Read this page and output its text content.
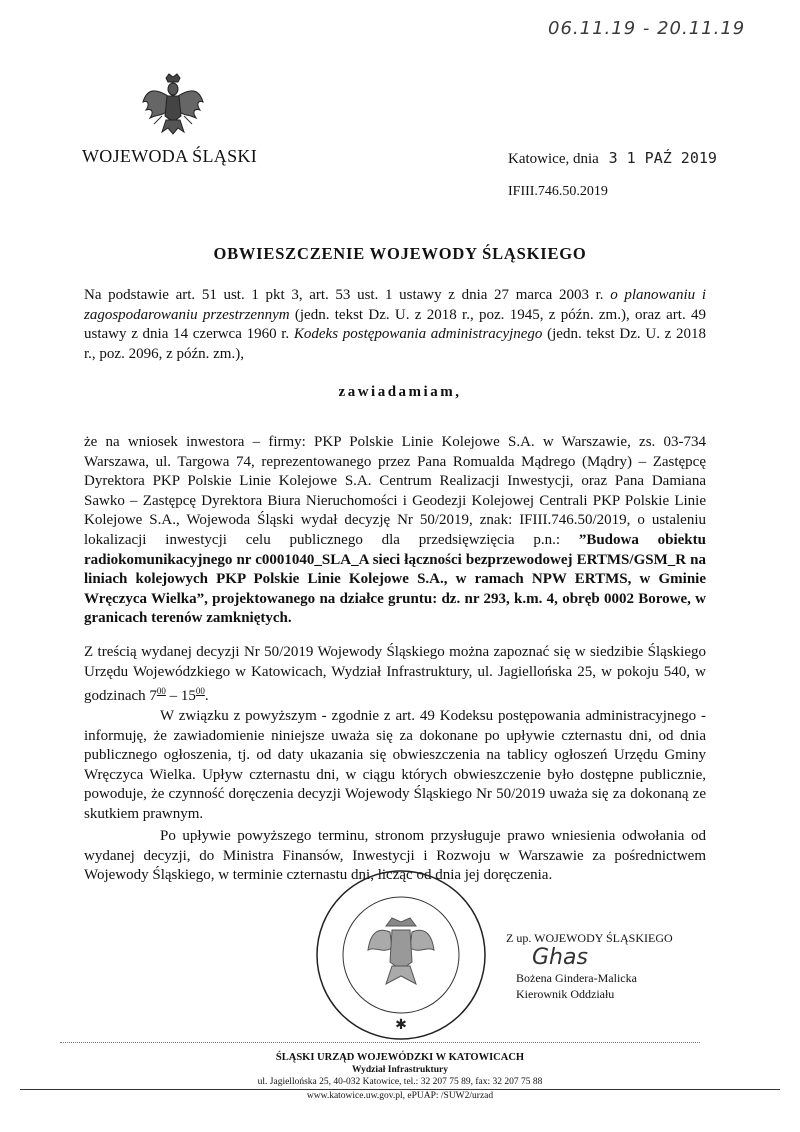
06.11.19 - 20.11.19
WOJEWODA ŚLĄSKI	Katowice, dnia 3 1 PAŹ 2019
IFIII.746.50.2019
OBWIESZCZENIE WOJEWODY ŚLĄSKIEGO
Na podstawie art. 51 ust. 1 pkt 3, art. 53 ust. 1 ustawy z dnia 27 marca 2003 r. o planowaniu i zagospodarowaniu przestrzennym (jedn. tekst Dz. U. z 2018 r., poz. 1945, z późn. zm.), oraz art. 49 ustawy z dnia 14 czerwca 1960 r. Kodeks postępowania administracyjnego (jedn. tekst Dz. U. z 2018 r., poz. 2096, z późn. zm.),
zawiadamiam,
że na wniosek inwestora – firmy: PKP Polskie Linie Kolejowe S.A. w Warszawie, zs. 03-734 Warszawa, ul. Targowa 74, reprezentowanego przez Pana Romualda Mądrego (Mądry) – Zastępcę Dyrektora PKP Polskie Linie Kolejowe S.A. Centrum Realizacji Inwestycji, oraz Pana Damiana Sawko – Zastępcę Dyrektora Biura Nieruchomości i Geodezji Kolejowej Centrali PKP Polskie Linie Kolejowe S.A., Wojewoda Śląski wydał decyzję Nr 50/2019, znak: IFIII.746.50/2019, o ustaleniu lokalizacji inwestycji celu publicznego dla przedsięwzięcia p.n.: ”Budowa obiektu radiokomunikacyjnego nr c0001040_SLA_A sieci łączności bezprzewodowej ERTMS/GSM_R na liniach kolejowych PKP Polskie Linie Kolejowe S.A., w ramach NPW ERTMS, w Gminie Wręczyca Wielka”, projektowanego na działce gruntu: dz. nr 293, k.m. 4, obręb 0002 Borowe, w granicach terenów zamkniętych.
Z treścią wydanej decyzji Nr 50/2019 Wojewody Śląskiego można zapoznać się w siedzibie Śląskiego Urzędu Wojewódzkiego w Katowicach, Wydział Infrastruktury, ul. Jagiellońska 25, w pokoju 540, w godzinach $7^{00} - 15^{00}$.
W związku z powyższym - zgodnie z art. 49 Kodeksu postępowania administracyjnego - informuję, że zawiadomienie niniejsze uważa się za dokonane po upływie czternastu dni, od dnia publicznego ogłoszenia, tj. od daty ukazania się obwieszczenia na tablicy ogłoszeń Urzędu Gminy Wręczyca Wielka. Upływ czternastu dni, w ciągu których obwieszczenie było dostępne publicznie, powoduje, że czynność doręczenia decyzji Wojewody Śląskiego Nr 50/2019 uważa się za dokonaną ze skutkiem prawnym.
Po upływie powyższego terminu, stronom przysługuje prawo wniesienia odwołania od wydanej decyzji, do Ministra Finansów, Inwestycji i Rozwoju w Warszawie za pośrednictwem Wojewody Śląskiego, w terminie czternastu dni, licząc od dnia jej doręczenia.
✱
Z up. WOJEWODY ŚLĄSKIEGO
Ghas
Bożena Gindera-Malicka
Kierownik Oddziału
ŚLĄSKI URZĄD WOJEWÓDZKI W KATOWICACH
Wydział Infrastruktury
ul. Jagiellońska 25, 40-032 Katowice, tel.: 32 207 75 89, fax: 32 207 75 88
www.katowice.uw.gov.pl, ePUAP: /SUW2/urzad
